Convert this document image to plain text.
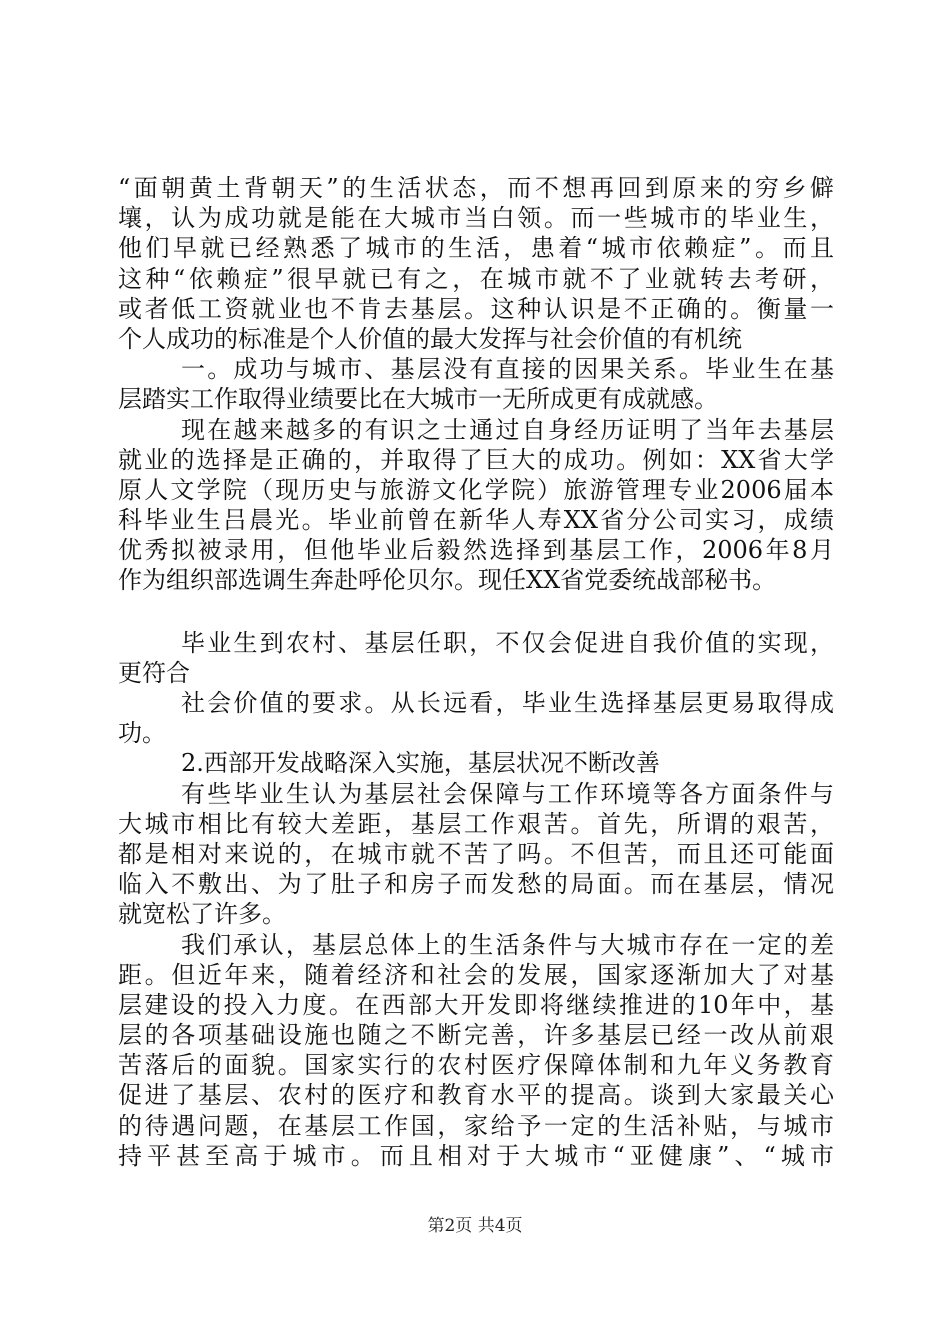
“面朝黄土背朝天”的生活状态，而不想再回到原来的穷乡僻
壤，认为成功就是能在大城市当白领。而一些城市的毕业生，
他们早就已经熟悉了城市的生活，患着“城市依赖症”。而且
这种“依赖症”很早就已有之，在城市就不了业就转去考研，
或者低工资就业也不肯去基层。这种认识是不正确的。衡量一
个人成功的标准是个人价值的最大发挥与社会价值的有机统
一。成功与城市、基层没有直接的因果关系。毕业生在基
层踏实工作取得业绩要比在大城市一无所成更有成就感。
现在越来越多的有识之士通过自身经历证明了当年去基层
就业的选择是正确的，并取得了巨大的成功。例如：XX省大学
原人文学院（现历史与旅游文化学院）旅游管理专业2006届本
科毕业生吕晨光。毕业前曾在新华人寿XX省分公司实习，成绩
优秀拟被录用，但他毕业后毅然选择到基层工作，2006年8月
作为组织部选调生奔赴呼伦贝尔。现任XX省党委统战部秘书。
毕业生到农村、基层任职，不仅会促进自我价值的实现，
更符合
社会价值的要求。从长远看，毕业生选择基层更易取得成
功。
2.西部开发战略深入实施，基层状况不断改善
有些毕业生认为基层社会保障与工作环境等各方面条件与
大城市相比有较大差距，基层工作艰苦。首先，所谓的艰苦，
都是相对来说的，在城市就不苦了吗。不但苦，而且还可能面
临入不敷出、为了肚子和房子而发愁的局面。而在基层，情况
就宽松了许多。
我们承认，基层总体上的生活条件与大城市存在一定的差
距。但近年来，随着经济和社会的发展，国家逐渐加大了对基
层建设的投入力度。在西部大开发即将继续推进的10年中，基
层的各项基础设施也随之不断完善，许多基层已经一改从前艰
苦落后的面貌。国家实行的农村医疗保障体制和九年义务教育
促进了基层、农村的医疗和教育水平的提高。谈到大家最关心
的待遇问题，在基层工作国，家给予一定的生活补贴，与城市
持平甚至高于城市。而且相对于大城市“亚健康”、“城市
第2页 共4页
